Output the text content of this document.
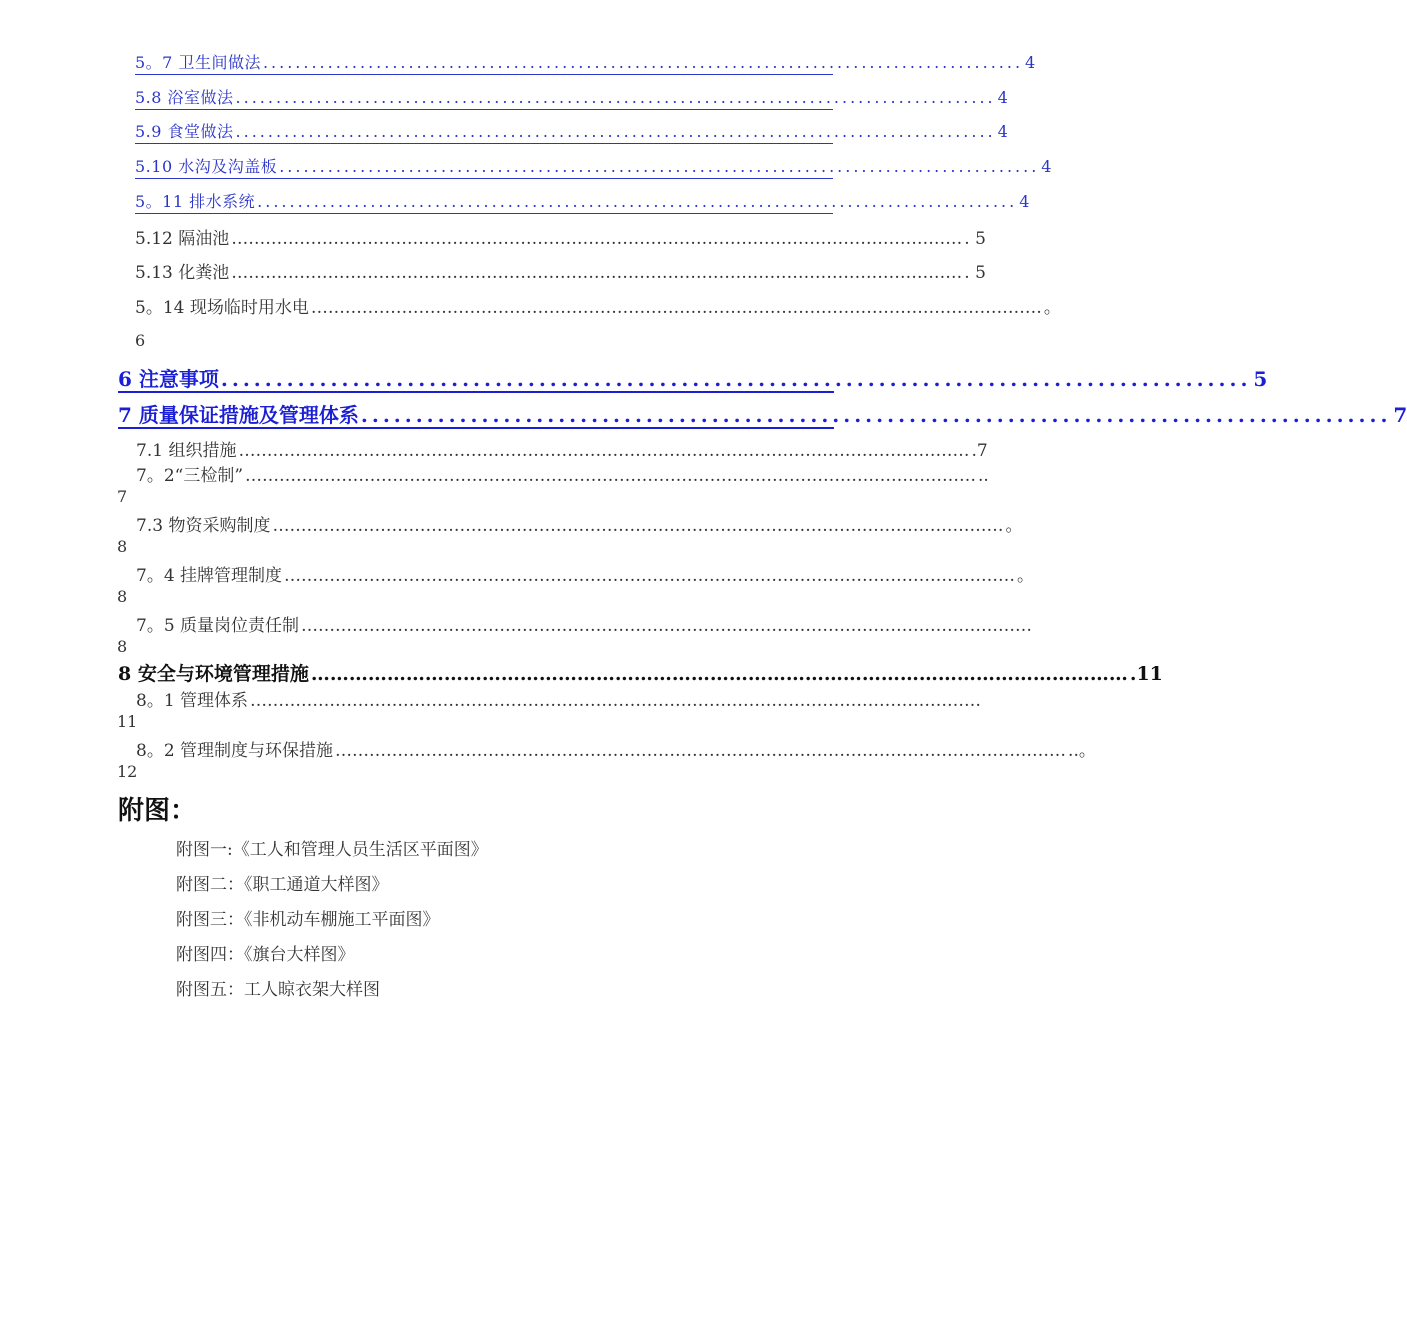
5。7 卫生间做法 .............................................................................................. 4
5.8 浴室做法 .............................................................................................. 4
5.9 食堂做法 .............................................................................................. 4
5.10 水沟及沟盖板 .............................................................................................. 4
5。11 排水系统 .............................................................................................. 4
5.12 隔油池 ………………………………………………………………………………………………………………… . 5
5.13 化粪池 ………………………………………………………………………………………………………………… . 5
5。14 现场临时用水电 ………………………………………………………………………………………………………………… 。
6
6 注意事项 .............................................................................................. 5
7 质量保证措施及管理体系 .............................................................................................. 7
7.1 组织措施 ………………………………………………………………………………………………………………… .7
7。2“三检制” ………………………………………………………………………………………………………………… ..
7
7.3 物资采购制度 ………………………………………………………………………………………………………………… 。
8
7。4 挂牌管理制度 ………………………………………………………………………………………………………………… 。
8
7。5 质量岗位责任制 …………………………………………………………………………………………………………………
8
8 安全与环境管理措施 ………………………………………………………………………………………………………………… .11
8。1 管理体系 …………………………………………………………………………………………………………………
11
8。2 管理制度与环保措施 ………………………………………………………………………………………………………………… ..。
12
附图：
附图一:《工人和管理人员生活区平面图》
附图二：《职工通道大样图》
附图三：《非机动车棚施工平面图》
附图四：《旗台大样图》
附图五：工人晾衣架大样图
